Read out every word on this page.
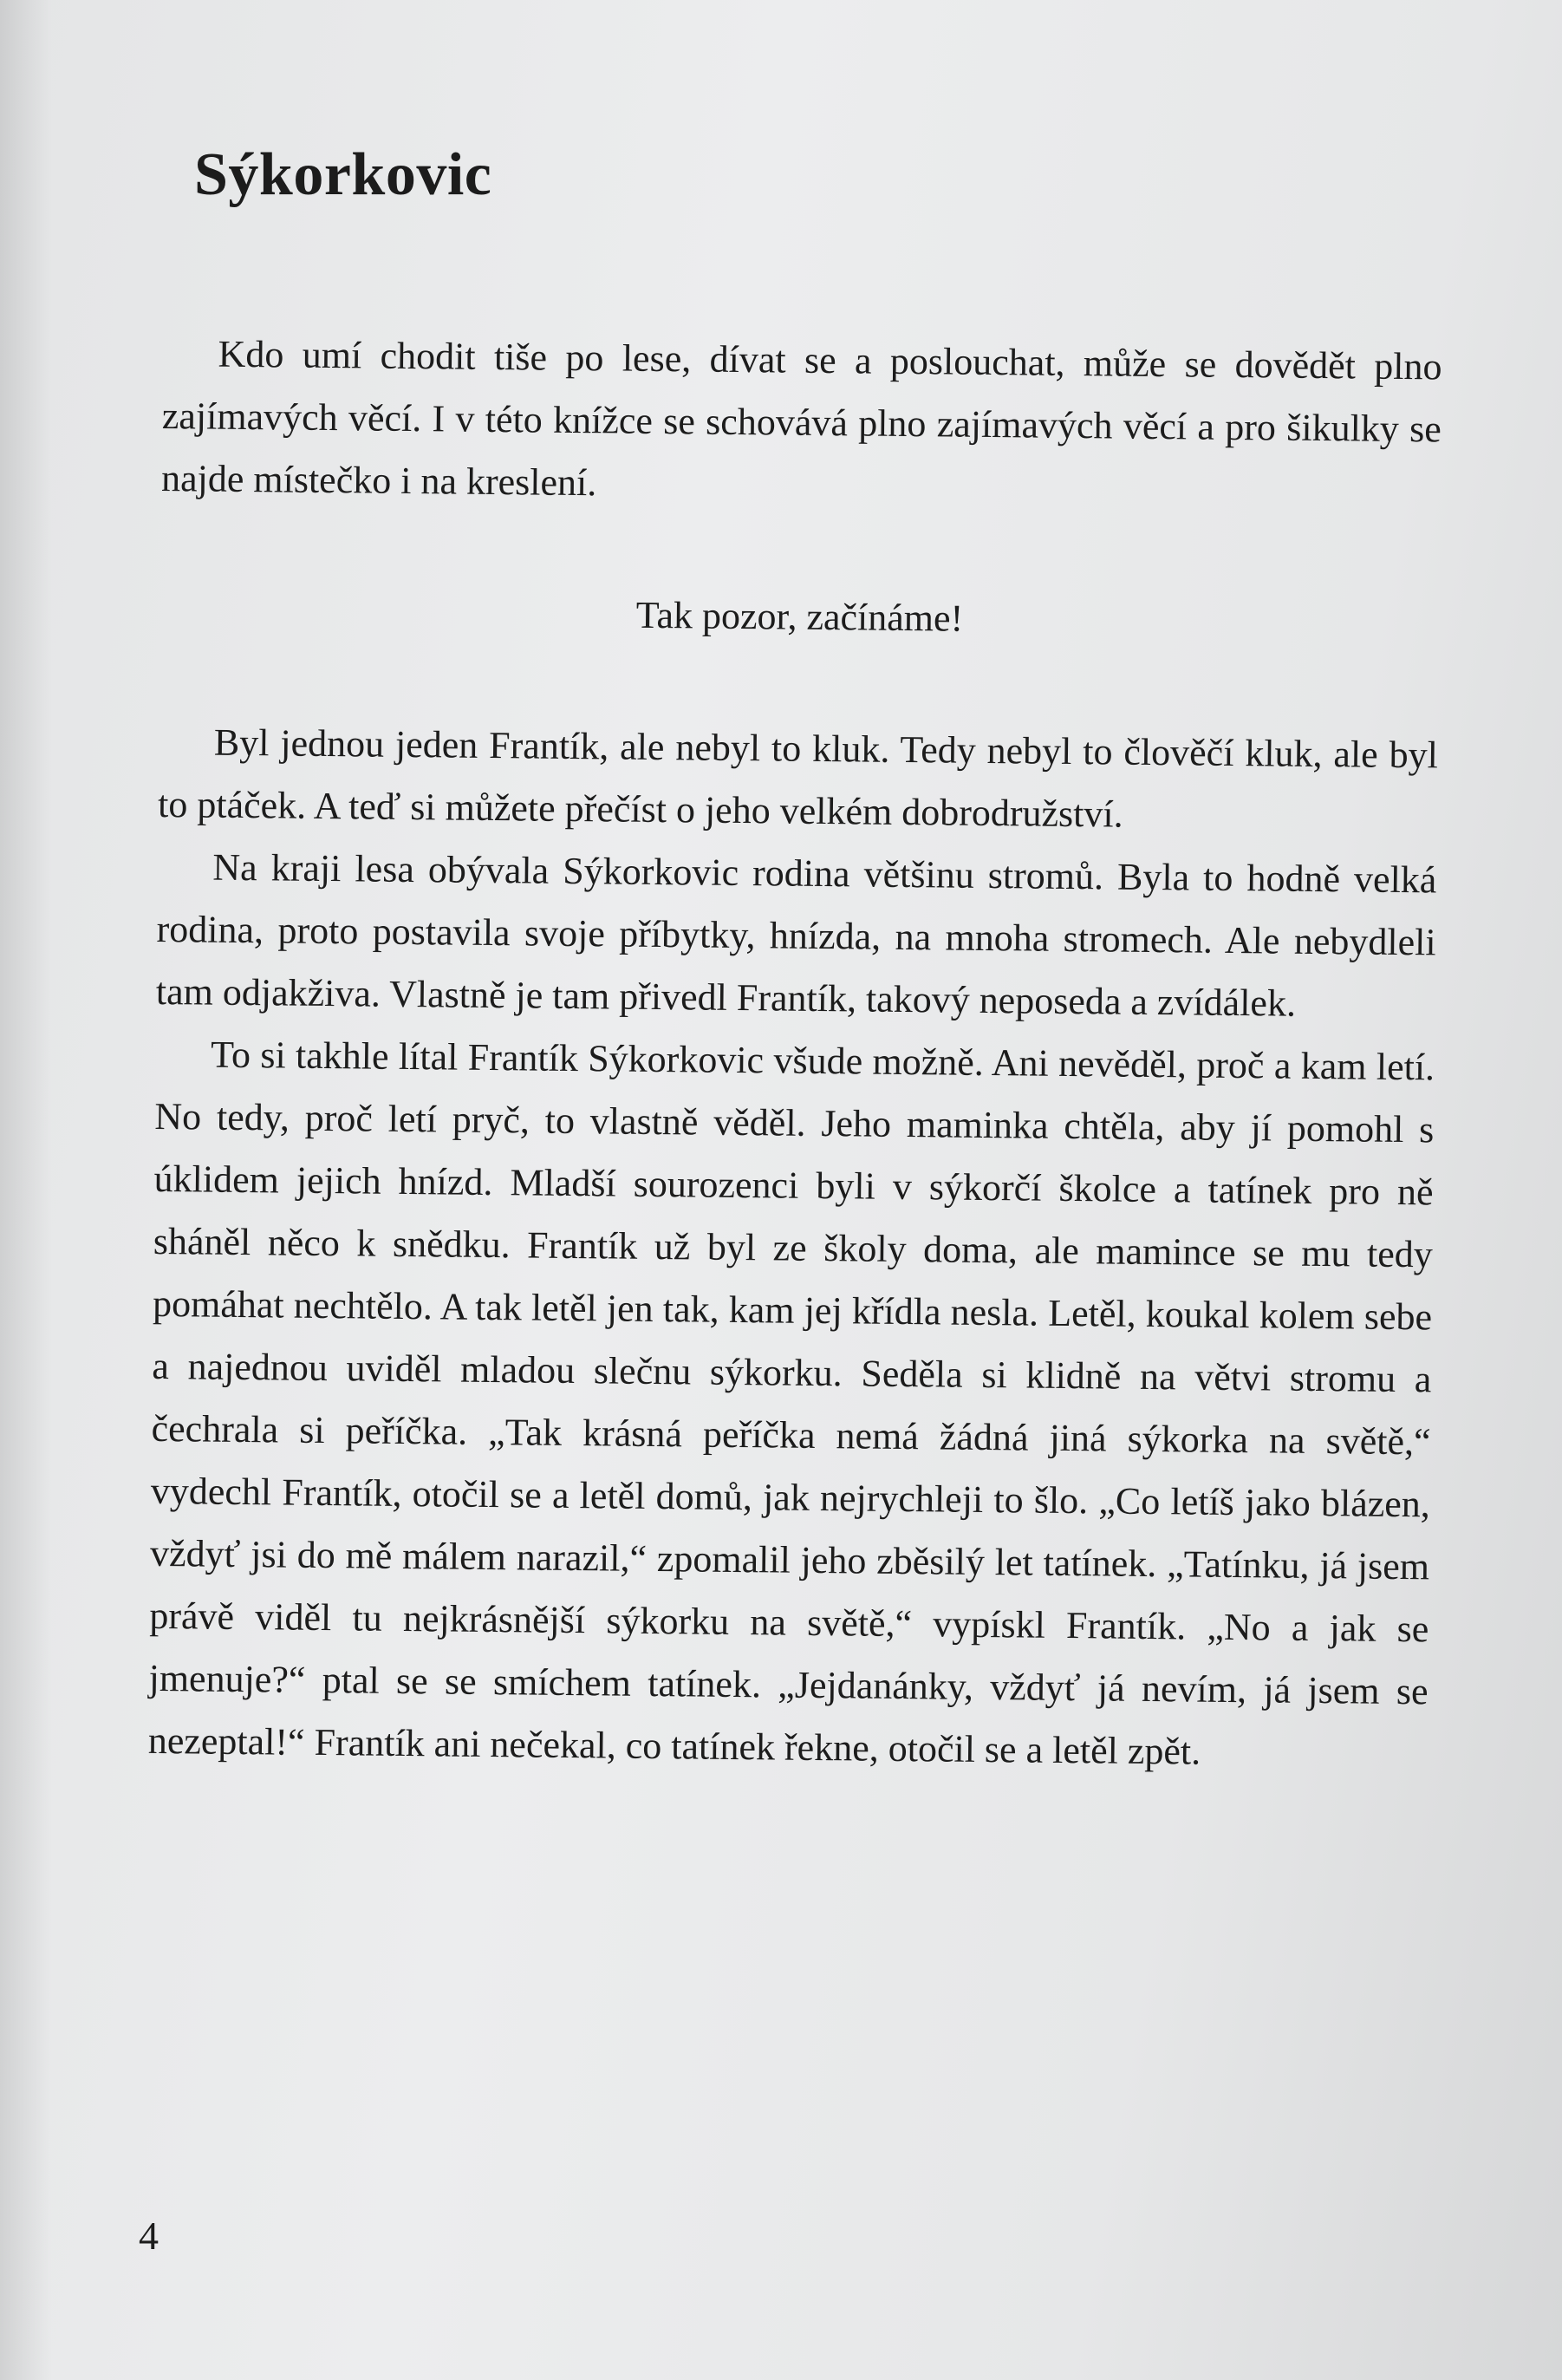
Sýkorkovic

Kdo umí chodit tiše po lese, dívat se a poslouchat, může se dovědět plno zajímavých věcí. I v této knížce se schovává plno zajímavých věcí a pro šikulky se najde místečko i na kreslení.

Tak pozor, začínáme!

Byl jednou jeden Frantík, ale nebyl to kluk. Tedy nebyl to člověčí kluk, ale byl to ptáček. A teď si můžete přečíst o jeho velkém dobrodružství.

Na kraji lesa obývala Sýkorkovic rodina většinu stromů. Byla to hodně velká rodina, proto postavila svoje příbytky, hnízda, na mnoha stromech. Ale nebydleli tam odjakživa. Vlastně je tam přivedl Frantík, takový neposeda a zvídálek.

To si takhle lítal Frantík Sýkorkovic všude možně. Ani nevěděl, proč a kam letí. No tedy, proč letí pryč, to vlastně věděl. Jeho maminka chtěla, aby jí pomohl s úklidem jejich hnízd. Mladší sourozenci byli v sýkorčí školce a tatínek pro ně sháněl něco k snědku. Frantík už byl ze školy doma, ale mamince se mu tedy pomáhat nechtělo. A tak letěl jen tak, kam jej křídla nesla. Letěl, koukal kolem sebe a najednou uviděl mladou slečnu sýkorku. Seděla si klidně na větvi stromu a čechrala si peříčka. „Tak krásná peříčka nemá žádná jiná sýkorka na světě,“ vydechl Frantík, otočil se a letěl domů, jak nejrychleji to šlo. „Co letíš jako blázen, vždyť jsi do mě málem narazil,“ zpomalil jeho zběsilý let tatínek. „Tatínku, já jsem právě viděl tu nejkrásnější sýkorku na světě,“ vypískl Frantík. „No a jak se jmenuje?“ ptal se se smíchem tatínek. „Jejdanánky, vždyť já nevím, já jsem se nezeptal!“ Frantík ani nečekal, co tatínek řekne, otočil se a letěl zpět.

4
